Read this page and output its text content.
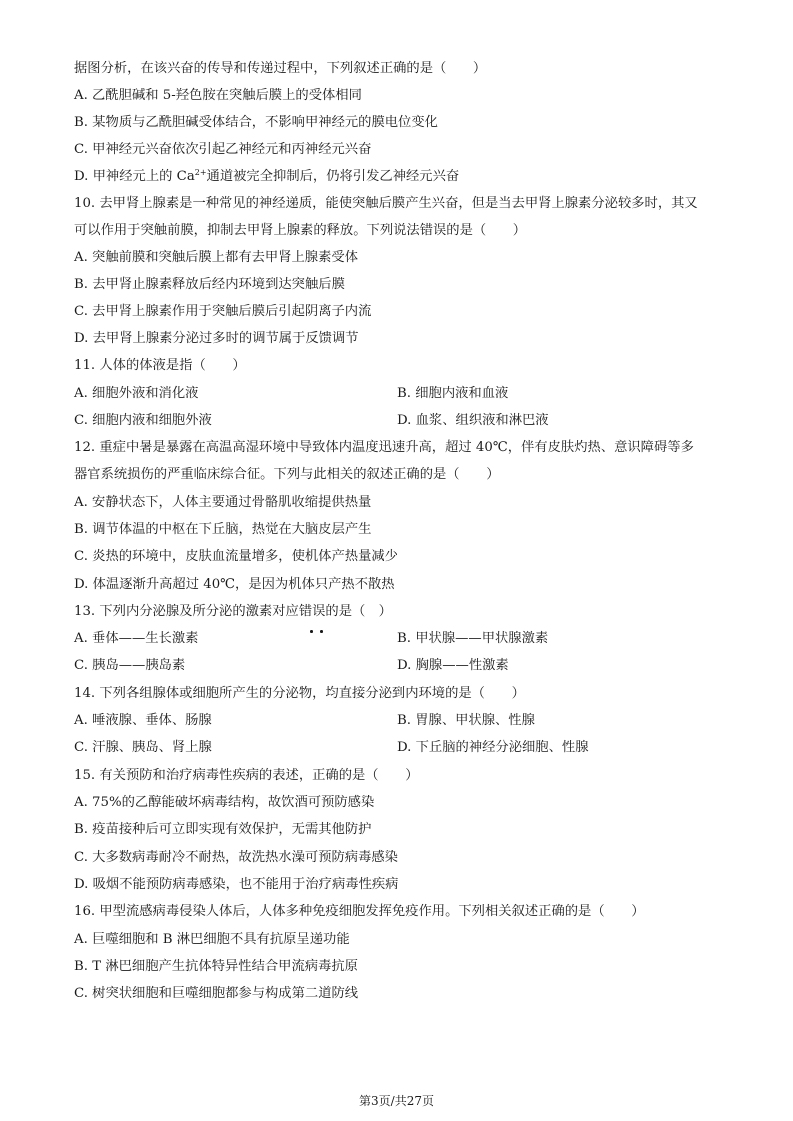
据图分析，在该兴奋的传导和传递过程中，下列叙述正确的是（　　）
A. 乙酰胆碱和 5-羟色胺在突触后膜上的受体相同
B. 某物质与乙酰胆碱受体结合，不影响甲神经元的膜电位变化
C. 甲神经元兴奋依次引起乙神经元和丙神经元兴奋
D. 甲神经元上的 $Ca^{2+}$通道被完全抑制后，仍将引发乙神经元兴奋
10. 去甲肾上腺素是一种常见的神经递质，能使突触后膜产生兴奋，但是当去甲肾上腺素分泌较多时，其又
可以作用于突触前膜，抑制去甲肾上腺素的释放。下列说法错误的是（　　）
A. 突触前膜和突触后膜上都有去甲肾上腺素受体
B. 去甲肾止腺素释放后经内环境到达突触后膜
C. 去甲肾上腺素作用于突触后膜后引起阴离子内流
D. 去甲肾上腺素分泌过多时的调节属于反馈调节
11. 人体的体液是指（　　）
A. 细胞外液和消化液	B. 细胞内液和血液
C. 细胞内液和细胞外液	D. 血浆、组织液和淋巴液
12. 重症中暑是暴露在高温高湿环境中导致体内温度迅速升高，超过 40℃，伴有皮肤灼热、意识障碍等多
器官系统损伤的严重临床综合征。下列与此相关的叙述正确的是（　　）
A. 安静状态下，人体主要通过骨骼肌收缩提供热量
B. 调节体温的中枢在下丘脑，热觉在大脑皮层产生
C. 炎热的环境中，皮肤血流量增多，使机体产热量减少
D. 体温逐渐升高超过 40℃，是因为机体只产热不散热
13. 下列内分泌腺及所分泌的激素对应错误的是（　）
A. 垂体——生长激素	B. 甲状腺——甲状腺激素
C. 胰岛——胰岛素	D. 胸腺——性激素
14. 下列各组腺体或细胞所产生的分泌物，均直接分泌到内环境的是（　　）
A. 唾液腺、垂体、肠腺	B. 胃腺、甲状腺、性腺
C. 汗腺、胰岛、肾上腺	D. 下丘脑的神经分泌细胞、性腺
15. 有关预防和治疗病毒性疾病的表述，正确的是（　　）
A. 75%的乙醇能破坏病毒结构，故饮酒可预防感染
B. 疫苗接种后可立即实现有效保护，无需其他防护
C. 大多数病毒耐冷不耐热，故洗热水澡可预防病毒感染
D. 吸烟不能预防病毒感染，也不能用于治疗病毒性疾病
16. 甲型流感病毒侵染人体后，人体多种免疫细胞发挥免疫作用。下列相关叙述正确的是（　　）
A. 巨噬细胞和 B 淋巴细胞不具有抗原呈递功能
B. T 淋巴细胞产生抗体特异性结合甲流病毒抗原
C. 树突状细胞和巨噬细胞都参与构成第二道防线
第3页/共27页
